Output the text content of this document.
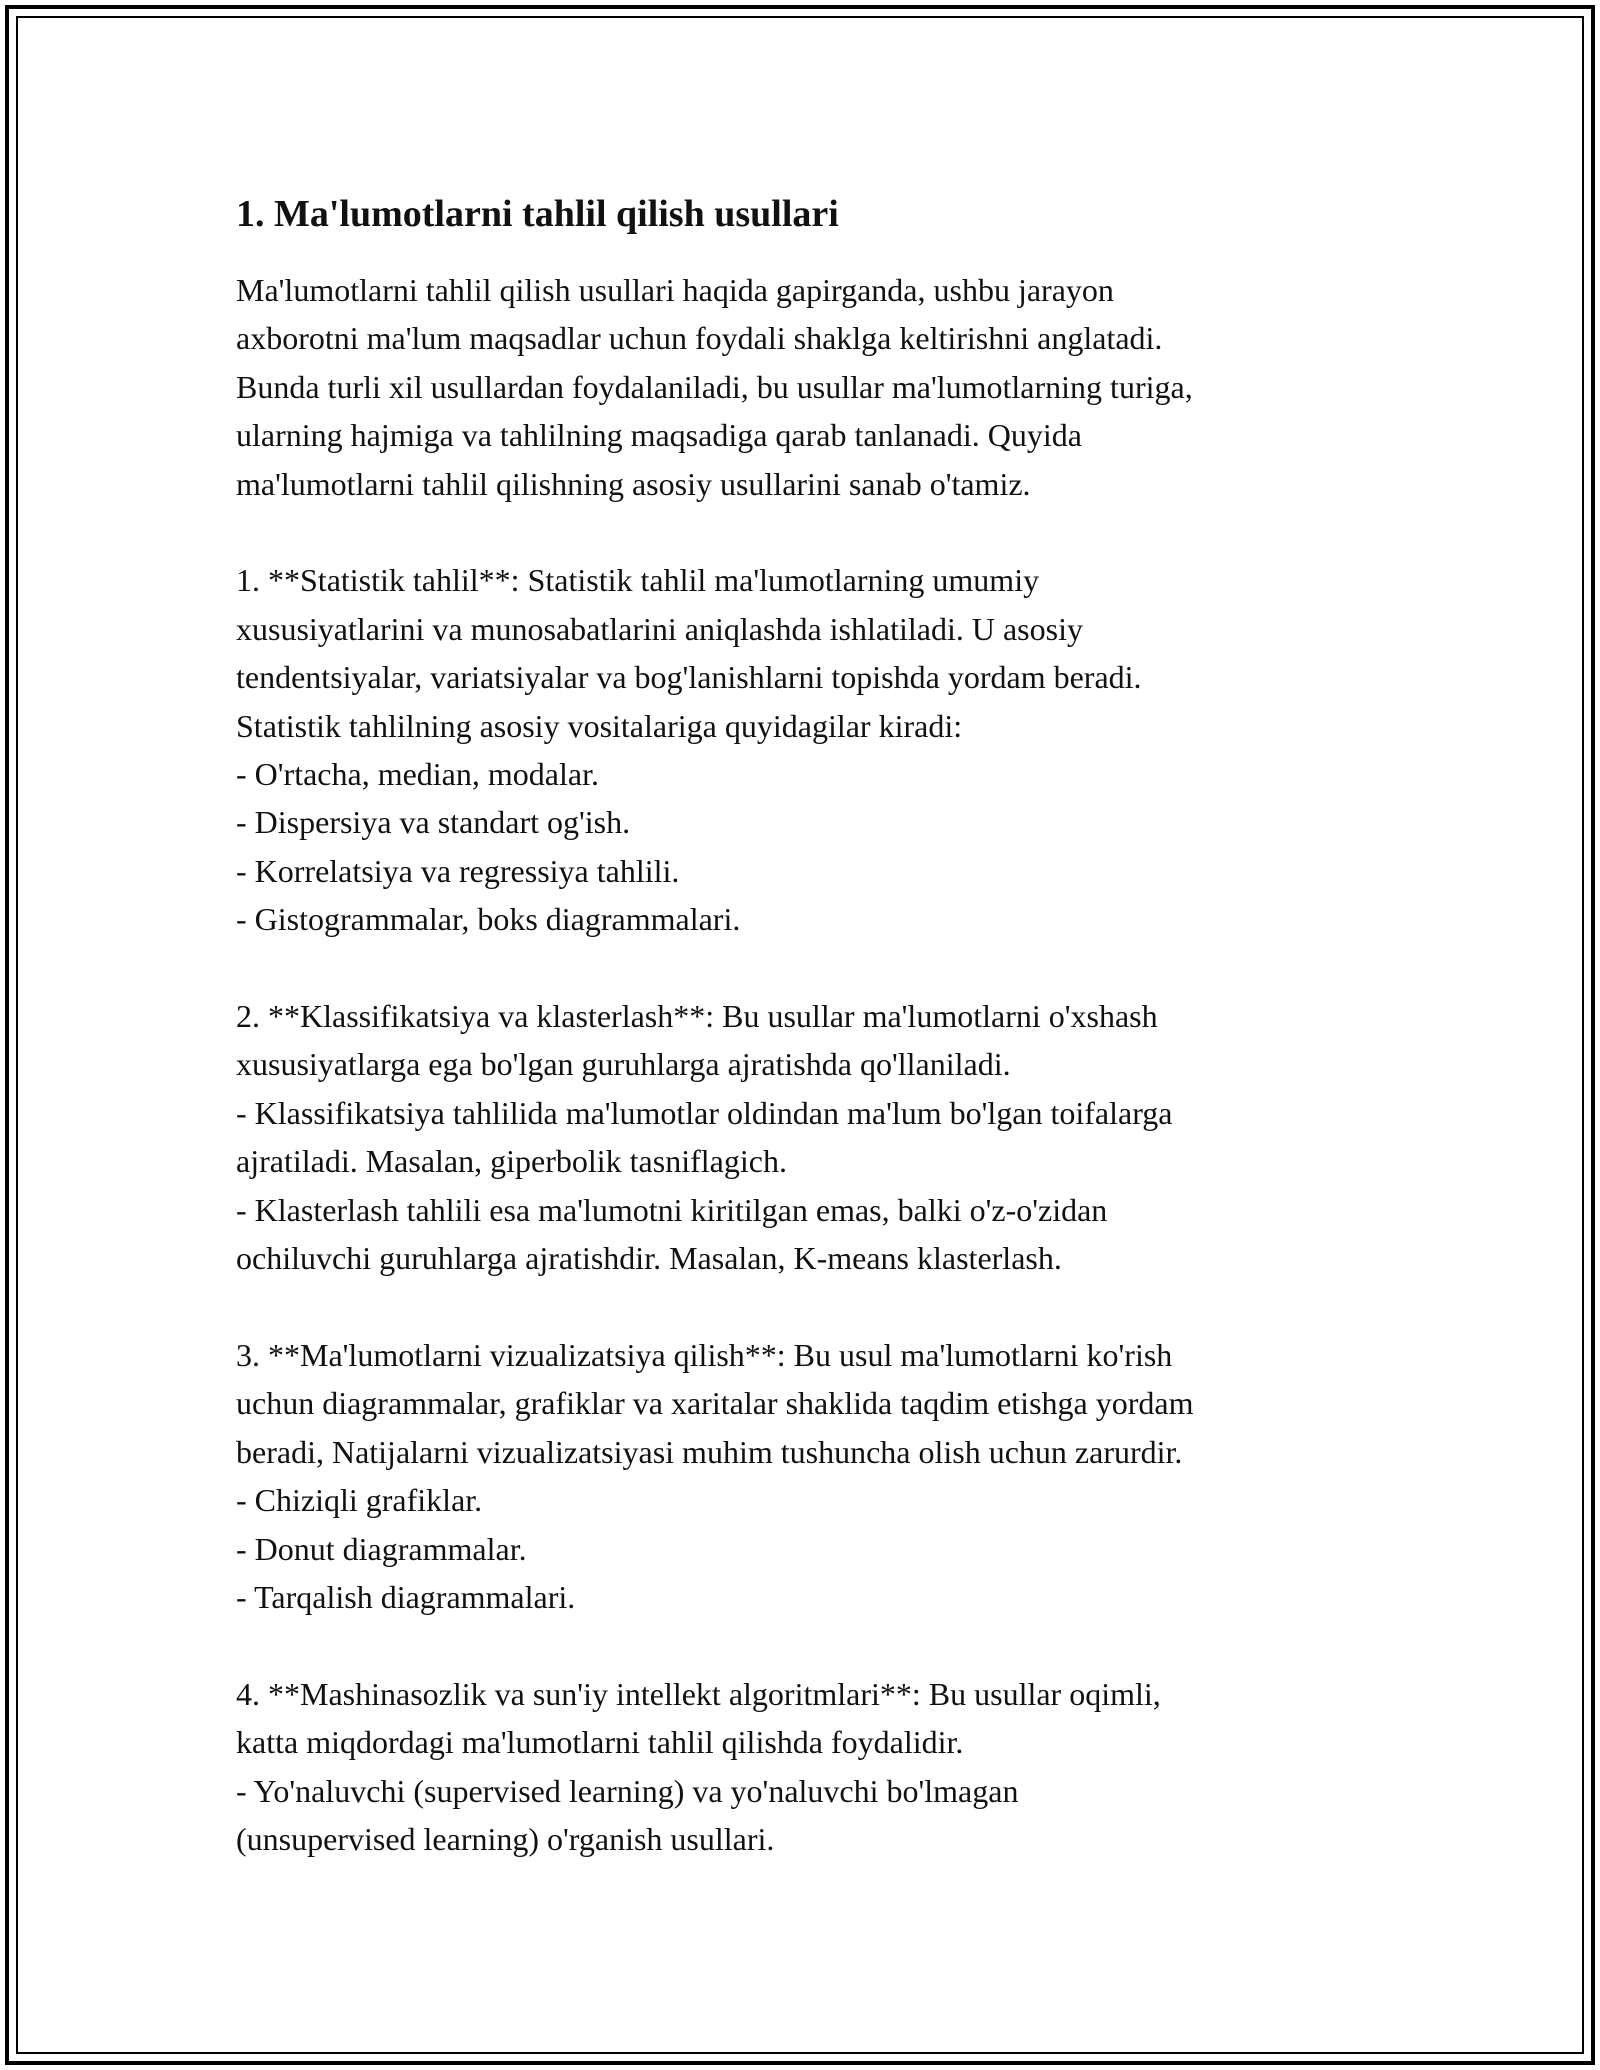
1. Ma'lumotlarni tahlil qilish usullari

Ma'lumotlarni tahlil qilish usullari haqida gapirganda, ushbu jarayon
axborotni ma'lum maqsadlar uchun foydali shaklga keltirishni anglatadi.
Bunda turli xil usullardan foydalaniladi, bu usullar ma'lumotlarning turiga,
ularning hajmiga va tahlilning maqsadiga qarab tanlanadi. Quyida
ma'lumotlarni tahlil qilishning asosiy usullarini sanab o'tamiz.

1. **Statistik tahlil**: Statistik tahlil ma'lumotlarning umumiy
xususiyatlarini va munosabatlarini aniqlashda ishlatiladi. U asosiy
tendentsiyalar, variatsiyalar va bog'lanishlarni topishda yordam beradi.
Statistik tahlilning asosiy vositalariga quyidagilar kiradi:
- O'rtacha, median, modalar.
- Dispersiya va standart og'ish.
- Korrelatsiya va regressiya tahlili.
- Gistogrammalar, boks diagrammalari.

2. **Klassifikatsiya va klasterlash**: Bu usullar ma'lumotlarni o'xshash
xususiyatlarga ega bo'lgan guruhlarga ajratishda qo'llaniladi.
- Klassifikatsiya tahlilida ma'lumotlar oldindan ma'lum bo'lgan toifalarga
ajratiladi. Masalan, giperbolik tasniflagich.
- Klasterlash tahlili esa ma'lumotni kiritilgan emas, balki o'z-o'zidan
ochiluvchi guruhlarga ajratishdir. Masalan, K-means klasterlash.

3. **Ma'lumotlarni vizualizatsiya qilish**: Bu usul ma'lumotlarni ko'rish
uchun diagrammalar, grafiklar va xaritalar shaklida taqdim etishga yordam
beradi, Natijalarni vizualizatsiyasi muhim tushuncha olish uchun zarurdir.
- Chiziqli grafiklar.
- Donut diagrammalar.
- Tarqalish diagrammalari.

4. **Mashinasozlik va sun'iy intellekt algoritmlari**: Bu usullar oqimli,
katta miqdordagi ma'lumotlarni tahlil qilishda foydalidir.
- Yo'naluvchi (supervised learning) va yo'naluvchi bo'lmagan
(unsupervised learning) o'rganish usullari.
